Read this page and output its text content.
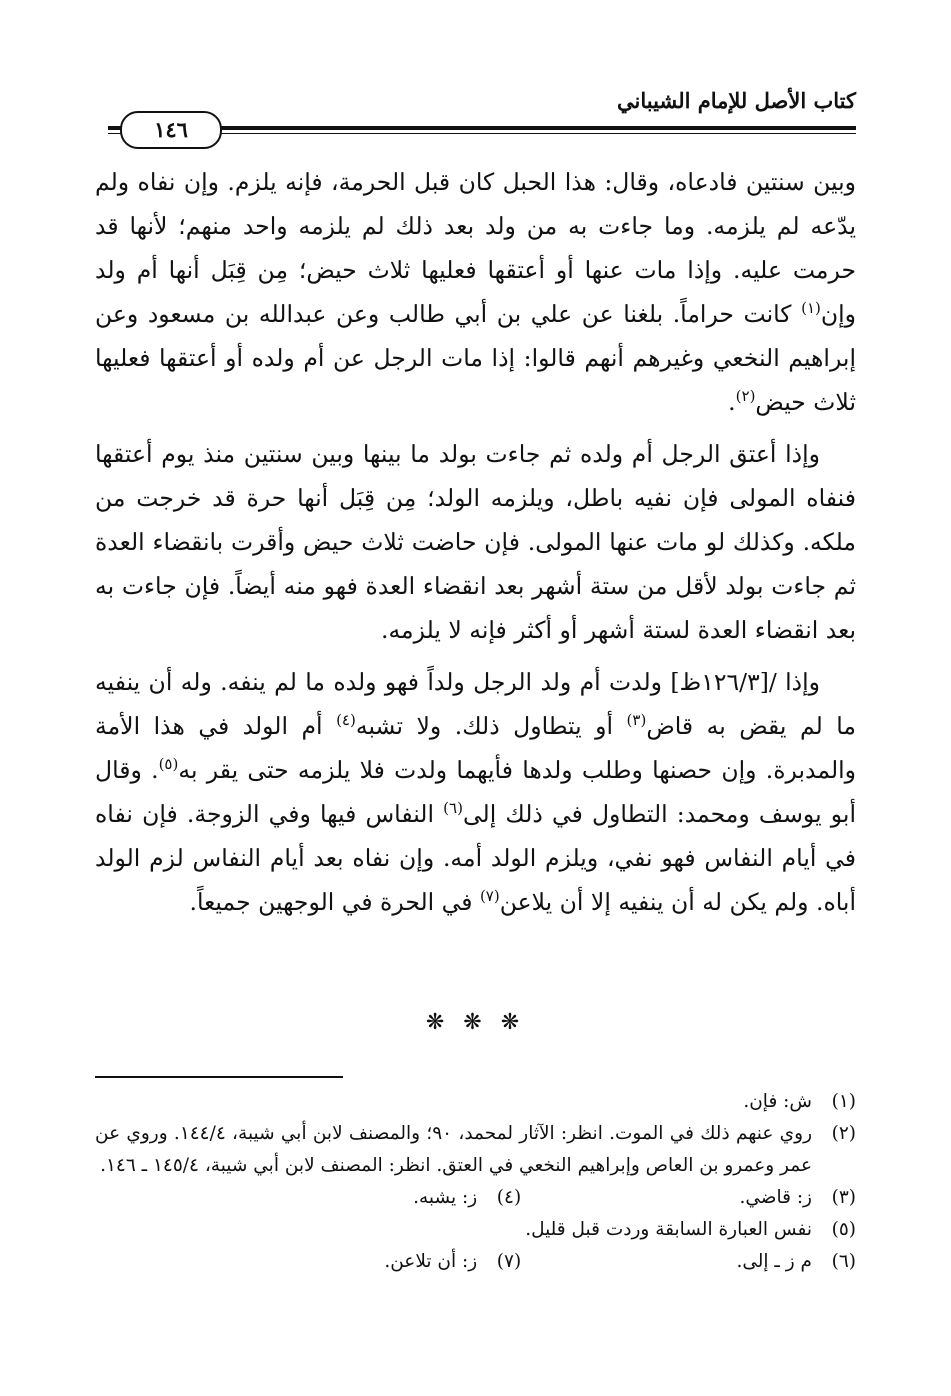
كتاب الأصل للإمام الشيباني
١٤٦

وبين سنتين فادعاه، وقال: هذا الحبل كان قبل الحرمة، فإنه يلزم. وإن نفاه ولم يدّعه لم يلزمه. وما جاءت به من ولد بعد ذلك لم يلزمه واحد منهم؛ لأنها قد حرمت عليه. وإذا مات عنها أو أعتقها فعليها ثلاث حيض؛ مِن قِبَل أنها أم ولد وإن$^{(١)}$ كانت حراماً. بلغنا عن علي بن أبي طالب وعن عبدالله بن مسعود وعن إبراهيم النخعي وغيرهم أنهم قالوا: إذا مات الرجل عن أم ولده أو أعتقها فعليها ثلاث حيض$^{(٢)}$.

وإذا أعتق الرجل أم ولده ثم جاءت بولد ما بينها وبين سنتين منذ يوم أعتقها فنفاه المولى فإن نفيه باطل، ويلزمه الولد؛ مِن قِبَل أنها حرة قد خرجت من ملكه. وكذلك لو مات عنها المولى. فإن حاضت ثلاث حيض وأقرت بانقضاء العدة ثم جاءت بولد لأقل من ستة أشهر بعد انقضاء العدة فهو منه أيضاً. فإن جاءت به بعد انقضاء العدة لستة أشهر أو أكثر فإنه لا يلزمه.

وإذا /[١٢٦/٣ظ] ولدت أم ولد الرجل ولداً فهو ولده ما لم ينفه. وله أن ينفيه ما لم يقض به قاض$^{(٣)}$ أو يتطاول ذلك. ولا تشبه$^{(٤)}$ أم الولد في هذا الأمة والمدبرة. وإن حصنها وطلب ولدها فأيهما ولدت فلا يلزمه حتى يقر به$^{(٥)}$. وقال أبو يوسف ومحمد: التطاول في ذلك إلى$^{(٦)}$ النفاس فيها وفي الزوجة. فإن نفاه في أيام النفاس فهو نفي، ويلزم الولد أمه. وإن نفاه بعد أيام النفاس لزم الولد أباه. ولم يكن له أن ينفيه إلا أن يلاعن$^{(٧)}$ في الحرة في الوجهين جميعاً.

❋ ❋ ❋
(١)
ش: فإن.
(٢)
روي عنهم ذلك في الموت. انظر: الآثار لمحمد، ٩٠؛ والمصنف لابن أبي شيبة، ١٤٤/٤. وروي عن عمر وعمرو بن العاص وإبراهيم النخعي في العتق. انظر: المصنف لابن أبي شيبة، ١٤٥/٤ ـ ١٤٦.
(٣)
ز: قاضي.
(٤)
ز: يشبه.
(٥)
نفس العبارة السابقة وردت قبل قليل.
(٦)
م ز ـ إلى.
(٧)
ز: أن تلاعن.
